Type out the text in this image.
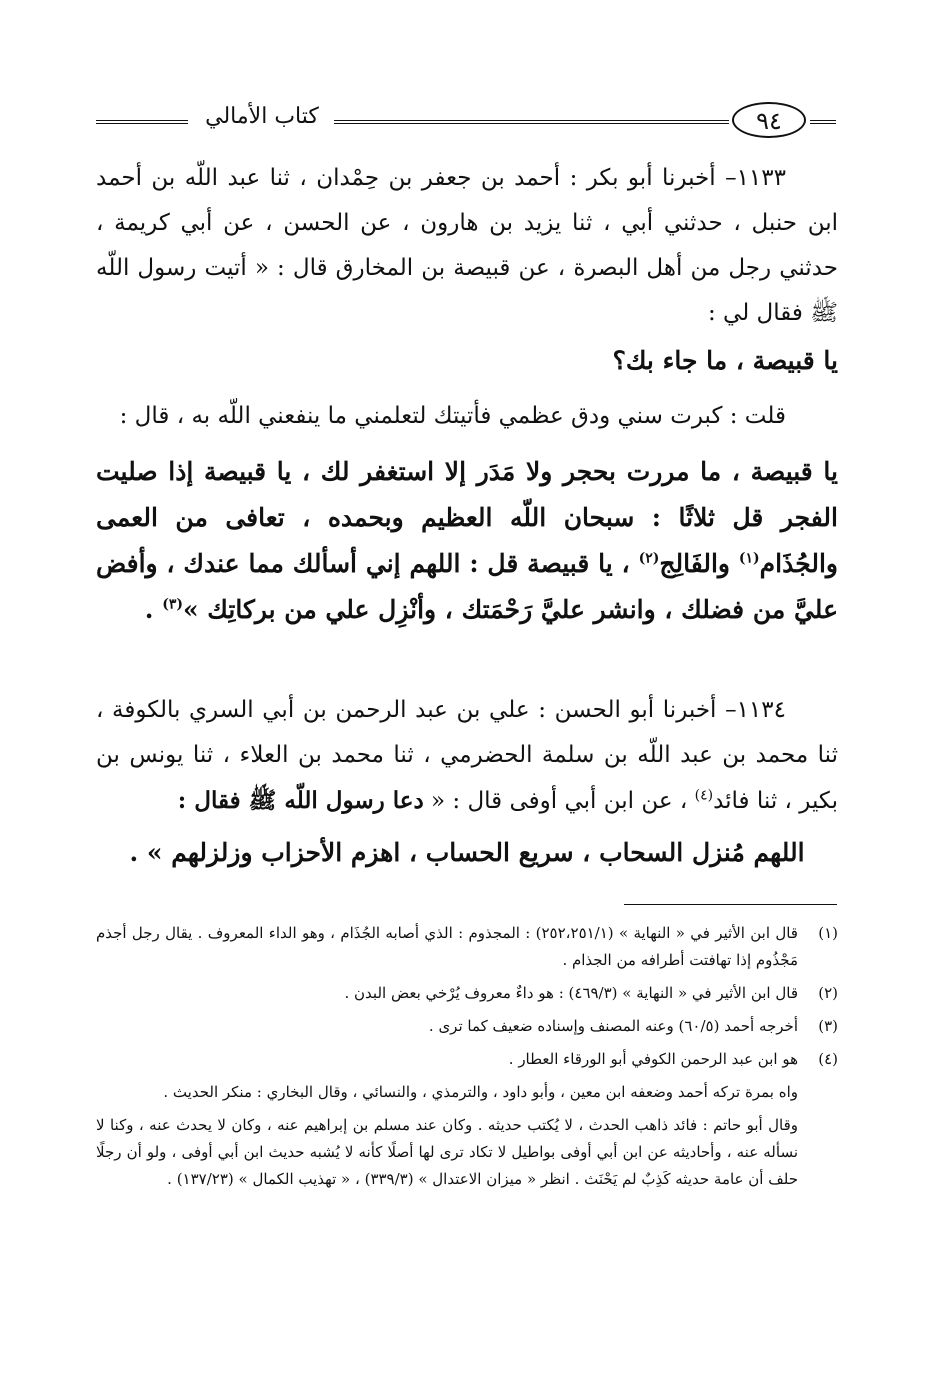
كتاب الأمالي	٩٤

١١٣٣– أخبرنا أبو بكر : أحمد بن جعفر بن حِمْدان ، ثنا عبد اللّه بن أحمد ابن حنبل ، حدثني أبي ، ثنا يزيد بن هارون ، عن الحسن ، عن أبي كريمة ، حدثني رجل من أهل البصرة ، عن قبيصة بن المخارق قال : « أتيت رسول اللّه ﷺ فقال لي :

يا قبيصة ، ما جاء بك؟

قلت : كبرت سني ودق عظمي فأتيتك لتعلمني ما ينفعني اللّه به ، قال :

يا قبيصة ، ما مررت بحجر ولا مَدَر إلا استغفر لك ، يا قبيصة إذا صليت الفجر قل ثلاثًا : سبحان اللّه العظيم وبحمده ، تعافى من العمى والجُذَام$^{(١)}$ والفَالِج$^{(٢)}$ ، يا قبيصة قل : اللهم إني أسألك مما عندك ، وأفض عليَّ من فضلك ، وانشر عليَّ رَحْمَتك ، وأنْزِل علي من بركاتِك »$^{(٣)}$ .

١١٣٤– أخبرنا أبو الحسن : علي بن عبد الرحمن بن أبي السري بالكوفة ، ثنا محمد بن عبد اللّه بن سلمة الحضرمي ، ثنا محمد بن العلاء ، ثنا يونس بن بكير ، ثنا فائد$^{(٤)}$ ، عن ابن أبي أوفى قال : « دعا رسول اللّه ﷺ فقال :

اللهم مُنزل السحاب ، سريع الحساب ، اهزم الأحزاب وزلزلهم » .

(١)
قال ابن الأثير في « النهاية » (٢٥٢،٢٥١/١) : المجذوم : الذي أصابه الجُذَام ، وهو الداء المعروف . يقال رجل أجذم مَجْذُوم إذا تهافتت أطرافه من الجذام .
(٢)
قال ابن الأثير في « النهاية » (٤٦٩/٣) : هو داءٌ معروف يُرْخي بعض البدن .
(٣)
أخرجه أحمد (٦٠/٥) وعنه المصنف وإسناده ضعيف كما ترى .
(٤)
هو ابن عبد الرحمن الكوفي أبو الورقاء العطار .

واه بمرة تركه أحمد وضعفه ابن معين ، وأبو داود ، والترمذي ، والنسائي ، وقال البخاري : منكر الحديث .

وقال أبو حاتم : فائد ذاهب الحدث ، لا يُكتب حديثه . وكان عند مسلم بن إبراهيم عنه ، وكان لا يحدث عنه ، وكنا لا نسأله عنه ، وأحاديثه عن ابن أبي أوفى بواطيل لا تكاد ترى لها أصلًا كأنه لا يُشبه حديث ابن أبي أوفى ، ولو أن رجلًا حلف أن عامة حديثه كَذِبٌ لم يَحْنَث . انظر « ميزان الاعتدال » (٣٣٩/٣) ، « تهذيب الكمال » (١٣٧/٢٣) .
